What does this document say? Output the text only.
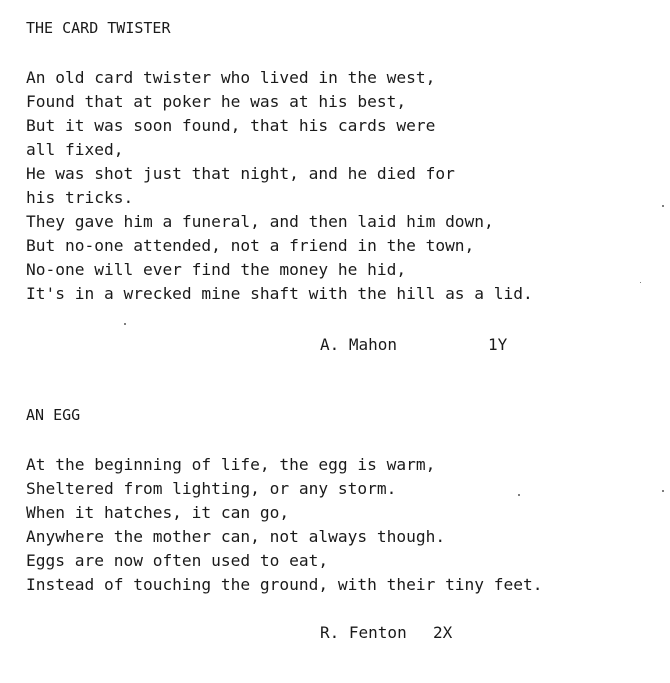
THE CARD TWISTER
An old card twister who lived in the west,
Found that at poker he was at his best,
But it was soon found, that his cards were
all fixed,
He was shot just that night, and he died for
his tricks.
They gave him a funeral, and then laid him down,
But no-one attended, not a friend in the town,
No-one will ever find the money he hid,
It's in a wrecked mine shaft with the hill as a lid.
A. Mahon	1Y
AN EGG
At the beginning of life, the egg is warm,
Sheltered from lighting, or any storm.
When it hatches, it can go,
Anywhere the mother can, not always though.
Eggs are now often used to eat,
Instead of touching the ground, with their tiny feet.
R. Fenton 2X
